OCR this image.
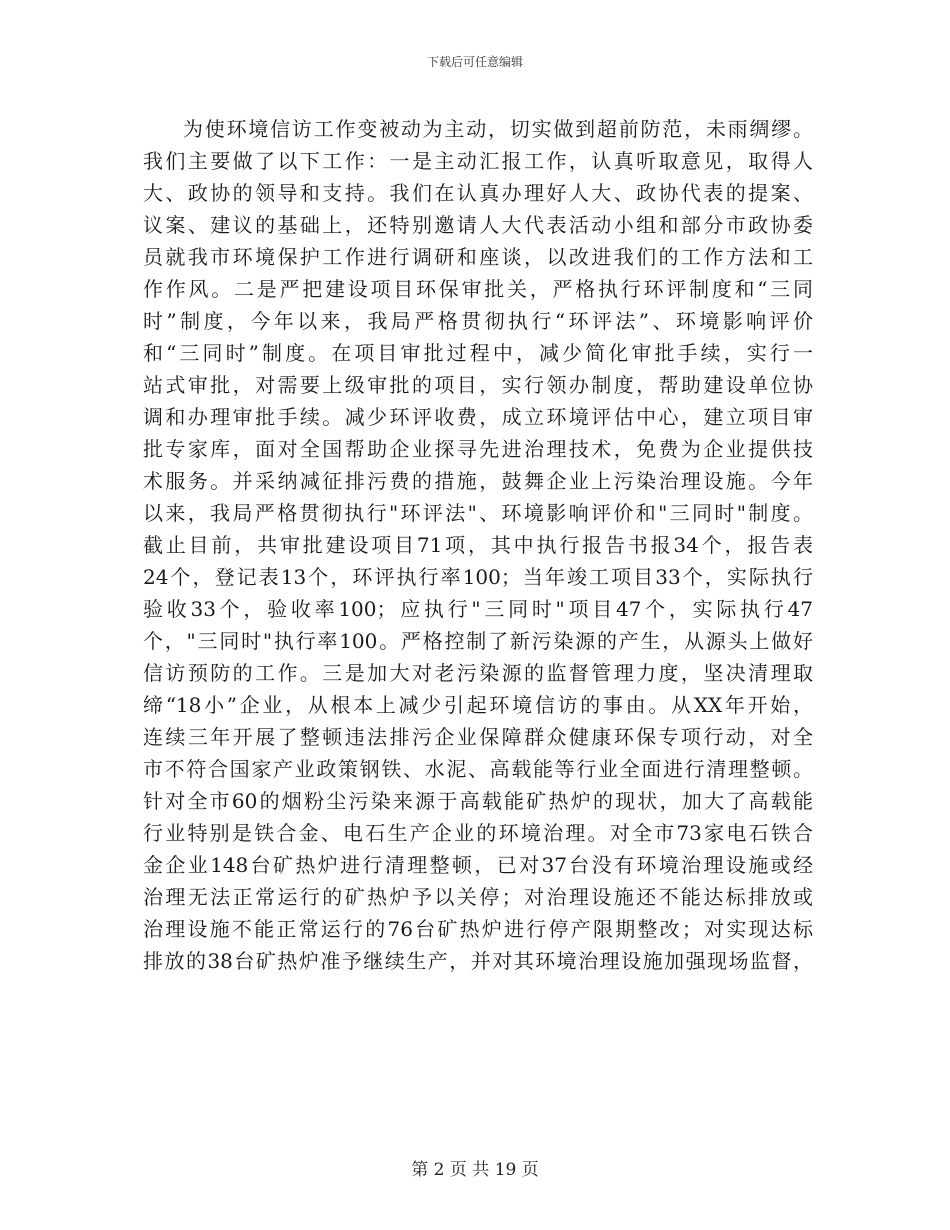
下载后可任意编辑
为使环境信访工作变被动为主动，切实做到超前防范，未雨绸缪。
我们主要做了以下工作：一是主动汇报工作，认真听取意见，取得人
大、政协的领导和支持。我们在认真办理好人大、政协代表的提案、
议案、建议的基础上，还特别邀请人大代表活动小组和部分市政协委
员就我市环境保护工作进行调研和座谈，以改进我们的工作方法和工
作作风。二是严把建设项目环保审批关，严格执行环评制度和“三同
时”制度，今年以来，我局严格贯彻执行“环评法”、环境影响评价
和“三同时”制度。在项目审批过程中，减少简化审批手续，实行一
站式审批，对需要上级审批的项目，实行领办制度，帮助建设单位协
调和办理审批手续。减少环评收费，成立环境评估中心，建立项目审
批专家库，面对全国帮助企业探寻先进治理技术，免费为企业提供技
术服务。并采纳减征排污费的措施，鼓舞企业上污染治理设施。今年
以来，我局严格贯彻执行"环评法"、环境影响评价和"三同时"制度。
截止目前，共审批建设项目71项，其中执行报告书报34个，报告表
24个，登记表13个，环评执行率100；当年竣工项目33个，实际执行
验收33个，验收率100；应执行"三同时"项目47个，实际执行47
个，"三同时"执行率100。严格控制了新污染源的产生，从源头上做好
信访预防的工作。三是加大对老污染源的监督管理力度，坚决清理取
缔“18小”企业，从根本上减少引起环境信访的事由。从XX年开始，
连续三年开展了整顿违法排污企业保障群众健康环保专项行动，对全
市不符合国家产业政策钢铁、水泥、高载能等行业全面进行清理整顿。
针对全市60的烟粉尘污染来源于高载能矿热炉的现状，加大了高载能
行业特别是铁合金、电石生产企业的环境治理。对全市73家电石铁合
金企业148台矿热炉进行清理整顿，已对37台没有环境治理设施或经
治理无法正常运行的矿热炉予以关停；对治理设施还不能达标排放或
治理设施不能正常运行的76台矿热炉进行停产限期整改；对实现达标
排放的38台矿热炉准予继续生产，并对其环境治理设施加强现场监督，
第 2 页 共 19 页
